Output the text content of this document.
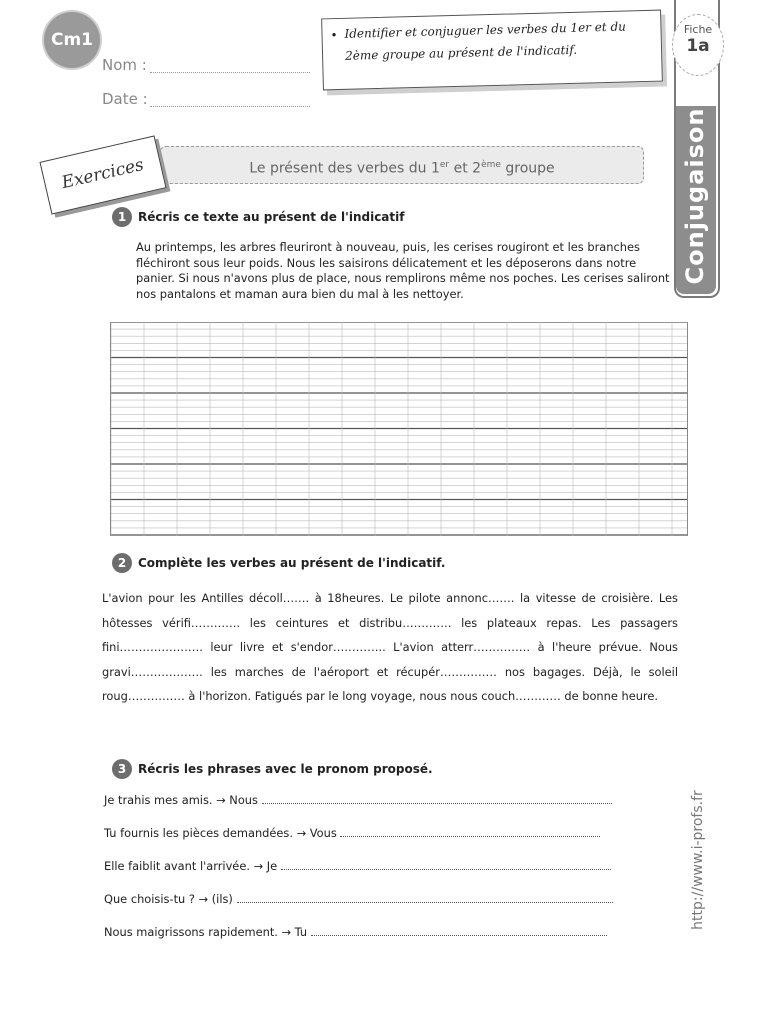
Cm1
Nom :
Date :
• Identifier et conjuguer les verbes du 1er et du 2ème groupe au présent de l'indicatif.
Fiche
1a
Conjugaison
Le présent des verbes du 1er et 2ème groupe
Exercices
1 Récris ce texte au présent de l'indicatif
Au printemps, les arbres fleuriront à nouveau, puis, les cerises rougiront et les branches fléchiront sous leur poids. Nous les saisirons délicatement et les déposerons dans notre panier. Si nous n'avons plus de place, nous remplirons même nos poches. Les cerises saliront nos pantalons et maman aura bien du mal à les nettoyer.
2 Complète les verbes au présent de l'indicatif.
L'avion pour les Antilles décoll……. à 18heures. Le pilote annonc……. la vitesse de croisière. Les hôtesses vérifi…………. les ceintures et distribu…………. les plateaux repas. Les passagers fini…………………. leur livre et s'endor………….. L'avion atterr…………… à l'heure prévue. Nous gravi………………. les marches de l'aéroport et récupér…………… nos bagages. Déjà, le soleil roug…………… à l'horizon. Fatigués par le long voyage, nous nous couch………… de bonne heure.
3 Récris les phrases avec le pronom proposé.
Je trahis mes amis. → Nous
Tu fournis les pièces demandées. → Vous
Elle faiblit avant l'arrivée. → Je
Que choisis-tu ? → (ils)
Nous maigrissons rapidement. → Tu
http://www.i-profs.fr
